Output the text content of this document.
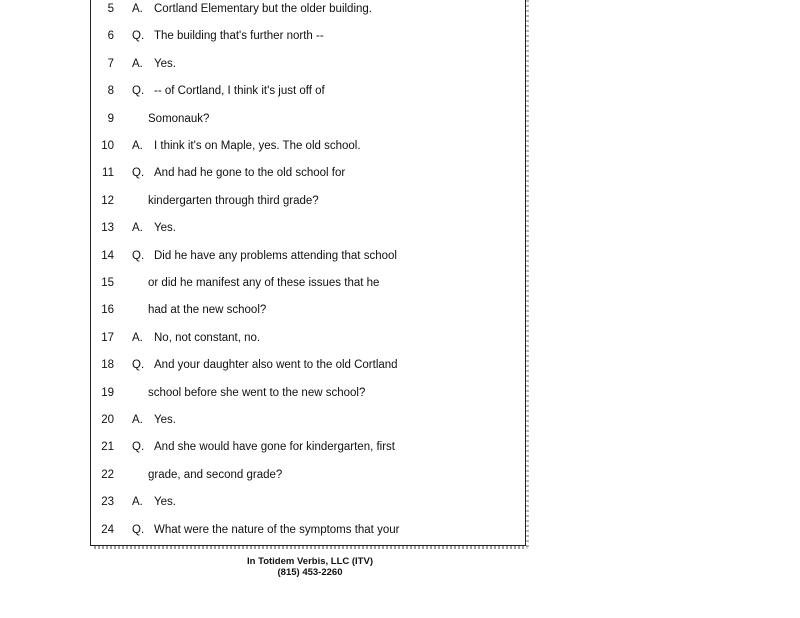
5 A. Cortland Elementary but the older building.
6 Q. The building that's further north --
7 A. Yes.
8 Q. -- of Cortland, I think it's just off of
9	Somonauk?
10 A. I think it's on Maple, yes. The old school.
11 Q. And had he gone to the old school for
12	kindergarten through third grade?
13 A. Yes.
14 Q. Did he have any problems attending that school
15	or did he manifest any of these issues that he
16	had at the new school?
17 A. No, not constant, no.
18 Q. And your daughter also went to the old Cortland
19	school before she went to the new school?
20 A. Yes.
21 Q. And she would have gone for kindergarten, first
22	grade, and second grade?
23 A. Yes.
24 Q. What were the nature of the symptoms that your
In Totidem Verbis, LLC (ITV)
(815) 453-2260
